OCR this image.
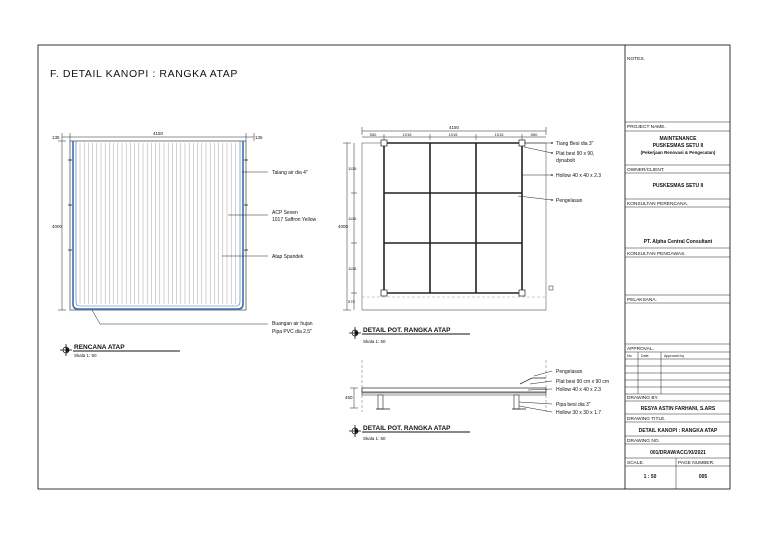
F. DETAIL KANOPI : RANGKA ATAP
4150
135	135
4000
Talang air dia 4"
ACP Seven
1017 Saffron Yellow
Atap Spandek
Buangan air hujan
Pipa PVC dia 2.5"
RENCANA ATAP
Skala 1: 50
4150
550	1015	1015	1015	550
4000
1115
1115
1115
575
Tiang Besi dia 3"
Plat besi 90 x 90,
dynabolt
Hollow 40 x 40 x 2.3
Pengelasan
DETAIL POT. RANGKA ATAP
Skala 1: 50
450
Pengelasan
Plat besi 90 cm x 90 cm
Hollow 40 x 40 x 2.3
Pipa besi dia 3"
Hollow 30 x 30 x 1.7
DETAIL POT. RANGKA ATAP
Skala 1: 50
NOTES.
PROJECT NAME.
MAINTENANCE
PUSKESMAS SETU II
(Pekerjaan Renovasi & Pengecatan)
OWNER/CLIENT.
PUSKESMAS SETU II
KONSULTAN PERENCANA.
PT. Alpha Central Consultant
KONSULTAN PENGAWAS.
PELAKSANA.
APPROVAL.
No	Date	Approved by
DRAWING BY.
RESYA ASTIN FARHANI, S.ARS
DRAWING TITLE.
DETAIL KANOPI : RANGKA ATAP
DRAWING NO.
001/DRAW/ACC/XI/2021
SCALE.	PAGE NUMBER.
1 : 50	005
